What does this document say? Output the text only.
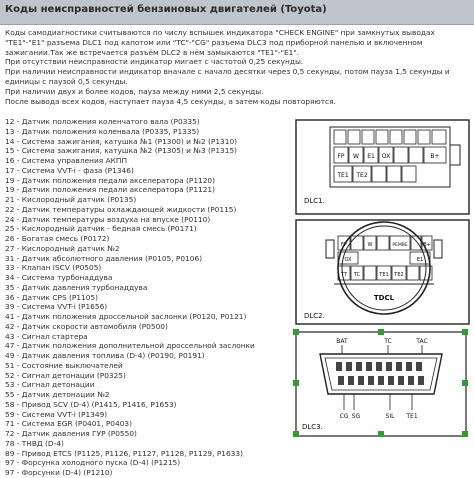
Коды неисправностей бензиновых двигателей (Toyota)
Коды самодиагностики считываются по числу вспышек индикатора "CHECK ENGINE" при замкнутых выводах
"TE1"-"E1" разъема DLC1 под капотом или "TC"-"CG" разъема DLC3 под приборной панелью и включенном
зажигании.Так же встречается разъём DLC2 в нём замыкаются "TE1"-"E1".
При отсутствии неисправности индикатор мигает с частотой 0,25 секунды.
При наличии неисправности индикатор вначале с начало десятки через 0,5 секунды, потом пауза 1,5 секунды и
единицы с паузой 0,5 секунды.
При наличии двух и более кодов, пауза между ними 2,5 секунды.
После вывода всех кодов, наступает пауза 4,5 секунды, а затем коды повторяются.
12 - Датчик положения коленчатого вала (P0335)
13 - Датчик положения коленвала (P0335, P1335)
14 - Система зажигания, катушка №1 (P1300) и №2 (P1310)
15 - Система зажигания, катушка №2 (P1305) и №3 (P1315)
16 - Система управления АКПП
17 - Система VVT-i - фаза (P1346)
19 - Датчик положения педали акселератора (P1120)
19 - Датчик положения педали акселератора (P1121)
21 - Кислородный датчик (P0135)
22 - Датчик температуры охлаждающей жидкости (P0115)
24 - Датчик температуры воздуха на впуске (P0110)
25 - Кислородный датчик - бедная смесь (P0171)
26 - Богатая смесь (P0172)
27 - Кислородный датчик №2
31 - Датчик абсолютного давления (P0105, P0106)
33 - Клапан ISCV (P0505)
34 - Система турбонаддува
35 - Датчик давления турбонаддува
36 - Датчик CPS (P1105)
39 - Система VVT-i (P1656)
41 - Датчик положения дроссельной заслонки (P0120, P0121)
42 - Датчик скорости автомобиля (P0500)
43 - Сигнал стартера
47 - Датчик положения дополнительной дроссельной заслонки
49 - Датчик давления топлива (D-4) (P0190, P0191)
51 - Состояние выключателей
52 - Сигнал детонации (P0325)
53 - Сигнал детонации
55 - Датчик детонации №2
58 - Привод SCV (D-4) (P1415, P1416, P1653)
59 - Система VVT-i (P1349)
71 - Система EGR (P0401, P0403)
72 - Датчик давления ГУР (P0550)
78 - ТНВД (D-4)
89 - Привод ETCS (P1125, P1126, P1127, P1128, P1129, P1633)
97 - Форсунка холодного пуска (D-4) (P1215)
97 - Форсунки (D-4) (P1210)
FP W E1 OX	B+
TE1 TE2
DLC1.
FP	W	PEMBE	B+
OX	E1
TT TC	TE1 TE2
TDCL
DLC2.
BAT	TC	TAC
CG SG	SIL TE1
DLC3.
